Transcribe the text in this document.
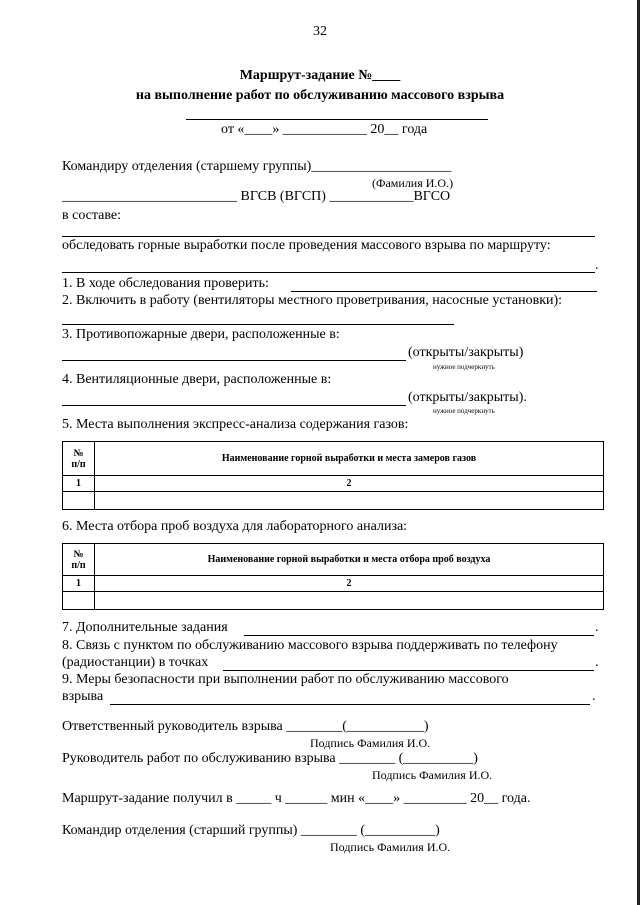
32
Маршрут-задание №____
на выполнение работ по обслуживанию массового взрыва
от «____» ____________ 20__ года
Командиру отделения (старшему группы)____________________
(Фамилия И.О.)
_________________________ ВГСВ (ВГСП) ____________ВГСО
в составе:
обследовать горные выработки после проведения массового взрыва по маршруту:
.
1. В ходе обследования проверить:
2. Включить в работу (вентиляторы местного проветривания, насосные установки):
3. Противопожарные двери, расположенные в:
(открыты/закрыты)
нужное подчеркнуть
4. Вентиляционные двери, расположенные в:
(открыты/закрыты).
нужное подчеркнуть
5. Места выполнения экспресс-анализа содержания газов:
№
п/п	Наименование горной выработки и места замеров газов
1	2

6. Места отбора проб воздуха для лабораторного анализа:
№
п/п	Наименование горной выработки и места отбора проб воздуха
1	2

7. Дополнительные задания	.
8. Связь с пунктом по обслуживанию массового взрыва поддерживать по телефону
(радиостанции) в точках	.
9. Меры безопасности при выполнении работ по обслуживанию массового
взрыва	.
Ответственный руководитель взрыва ________(___________)
Подпись Фамилия И.О.
Руководитель работ по обслуживанию взрыва ________ (__________)
Подпись Фамилия И.О.
Маршрут-задание получил в _____ ч ______ мин «____» _________ 20__ года.
Командир отделения (старший группы) ________ (__________)
Подпись Фамилия И.О.
